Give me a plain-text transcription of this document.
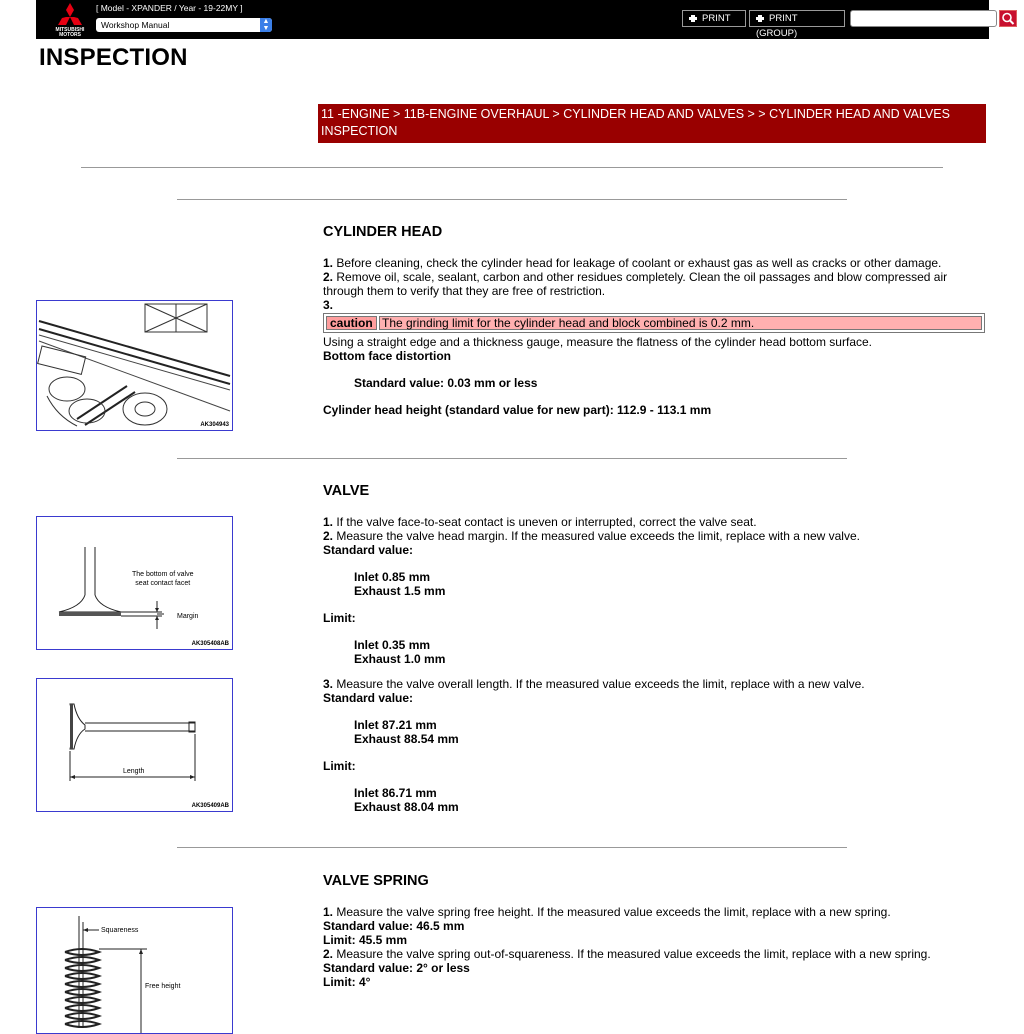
MITSUBISHI
MOTORS
[ Model - XPANDER / Year - 19-22MY ]
Workshop Manual	▲
▼
PRINT	PRINT (GROUP)
INSPECTION
11 -ENGINE > 11B-ENGINE OVERHAUL > CYLINDER HEAD AND VALVES > > CYLINDER HEAD AND VALVES INSPECTION
CYLINDER HEAD
1. Before cleaning, check the cylinder head for leakage of coolant or exhaust gas as well as cracks or other damage.
2. Remove oil, scale, sealant, carbon and other residues completely. Clean the oil passages and blow compressed air through them to verify that they are free of restriction.
3.
caution The grinding limit for the cylinder head and block combined is 0.2 mm.
Using a straight edge and a thickness gauge, measure the flatness of the cylinder head bottom surface.
Bottom face distortion
Standard value: 0.03 mm or less
Cylinder head height (standard value for new part): 112.9 - 113.1 mm
AK304943
VALVE
1. If the valve face-to-seat contact is uneven or interrupted, correct the valve seat.
2. Measure the valve head margin. If the measured value exceeds the limit, replace with a new valve.
Standard value:
Inlet 0.85 mm
Exhaust 1.5 mm
Limit:
Inlet 0.35 mm
Exhaust 1.0 mm
3. Measure the valve overall length. If the measured value exceeds the limit, replace with a new valve.
Standard value:
Inlet 87.21 mm
Exhaust 88.54 mm
Limit:
Inlet 86.71 mm
Exhaust 88.04 mm
The bottom of valve
seat contact facet
Margin
AK305408AB
Length
AK305409AB
VALVE SPRING
1. Measure the valve spring free height. If the measured value exceeds the limit, replace with a new spring.
Standard value: 46.5 mm
Limit: 45.5 mm
2. Measure the valve spring out-of-squareness. If the measured value exceeds the limit, replace with a new spring.
Standard value: 2° or less
Limit: 4°
Squareness
Free height
